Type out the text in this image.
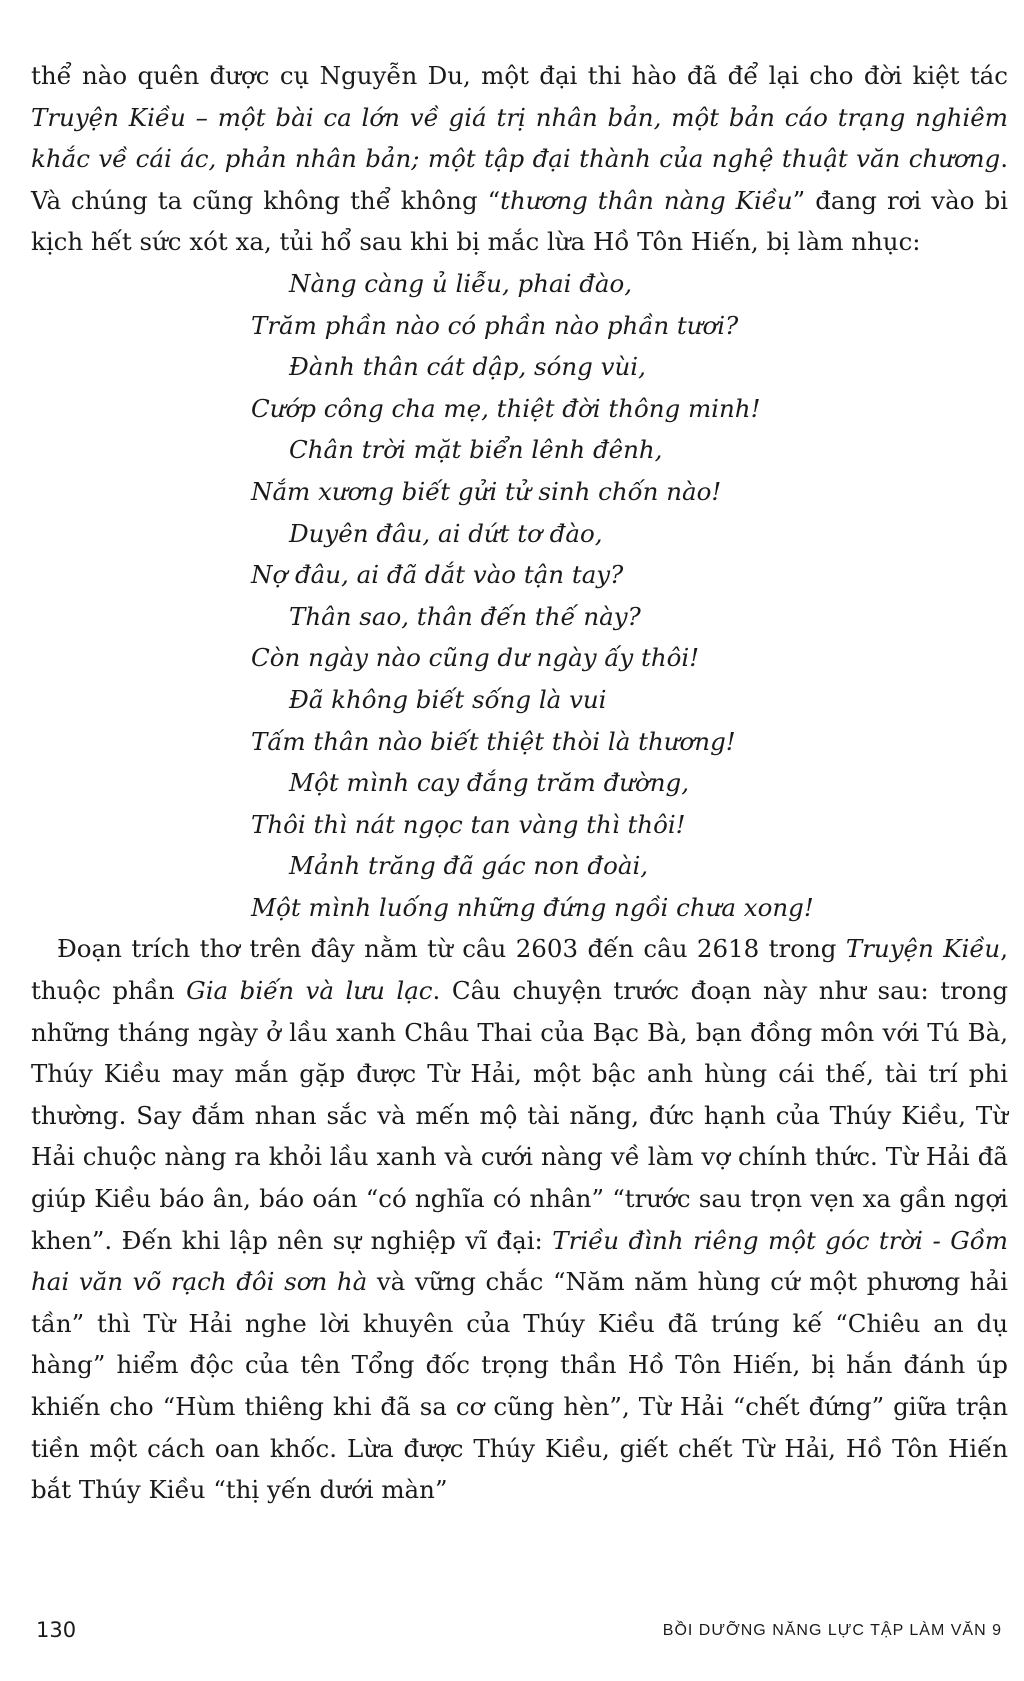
thể nào quên được cụ Nguyễn Du, một đại thi hào đã để lại cho đời kiệt tác Truyện Kiều – một bài ca lớn về giá trị nhân bản, một bản cáo trạng nghiêm khắc về cái ác, phản nhân bản; một tập đại thành của nghệ thuật văn chương. Và chúng ta cũng không thể không “thương thân nàng Kiều” đang rơi vào bi kịch hết sức xót xa, tủi hổ sau khi bị mắc lừa Hồ Tôn Hiến, bị làm nhục:

Nàng càng ủ liễu, phai đào,

Trăm phần nào có phần nào phần tươi?

Đành thân cát dập, sóng vùi,

Cướp công cha mẹ, thiệt đời thông minh!

Chân trời mặt biển lênh đênh,

Nắm xương biết gửi tử sinh chốn nào!

Duyên đâu, ai dứt tơ đào,

Nợ đâu, ai đã dắt vào tận tay?

Thân sao, thân đến thế này?

Còn ngày nào cũng dư ngày ấy thôi!

Đã không biết sống là vui

Tấm thân nào biết thiệt thòi là thương!

Một mình cay đắng trăm đường,

Thôi thì nát ngọc tan vàng thì thôi!

Mảnh trăng đã gác non đoài,

Một mình luống những đứng ngồi chưa xong!

Đoạn trích thơ trên đây nằm từ câu 2603 đến câu 2618 trong Truyện Kiều, thuộc phần Gia biến và lưu lạc. Câu chuyện trước đoạn này như sau: trong những tháng ngày ở lầu xanh Châu Thai của Bạc Bà, bạn đồng môn với Tú Bà, Thúy Kiều may mắn gặp được Từ Hải, một bậc anh hùng cái thế, tài trí phi thường. Say đắm nhan sắc và mến mộ tài năng, đức hạnh của Thúy Kiều, Từ Hải chuộc nàng ra khỏi lầu xanh và cưới nàng về làm vợ chính thức. Từ Hải đã giúp Kiều báo ân, báo oán “có nghĩa có nhân” “trước sau trọn vẹn xa gần ngợi khen”. Đến khi lập nên sự nghiệp vĩ đại: Triều đình riêng một góc trời - Gồm hai văn võ rạch đôi sơn hà và vững chắc “Năm năm hùng cứ một phương hải tần” thì Từ Hải nghe lời khuyên của Thúy Kiều đã trúng kế “Chiêu an dụ hàng” hiểm độc của tên Tổng đốc trọng thần Hồ Tôn Hiến, bị hắn đánh úp khiến cho “Hùm thiêng khi đã sa cơ cũng hèn”, Từ Hải “chết đứng” giữa trận tiền một cách oan khốc. Lừa được Thúy Kiều, giết chết Từ Hải, Hồ Tôn Hiến bắt Thúy Kiều “thị yến dưới màn”

130	BỒI DƯỠNG NĂNG LỰC TẬP LÀM VĂN 9
